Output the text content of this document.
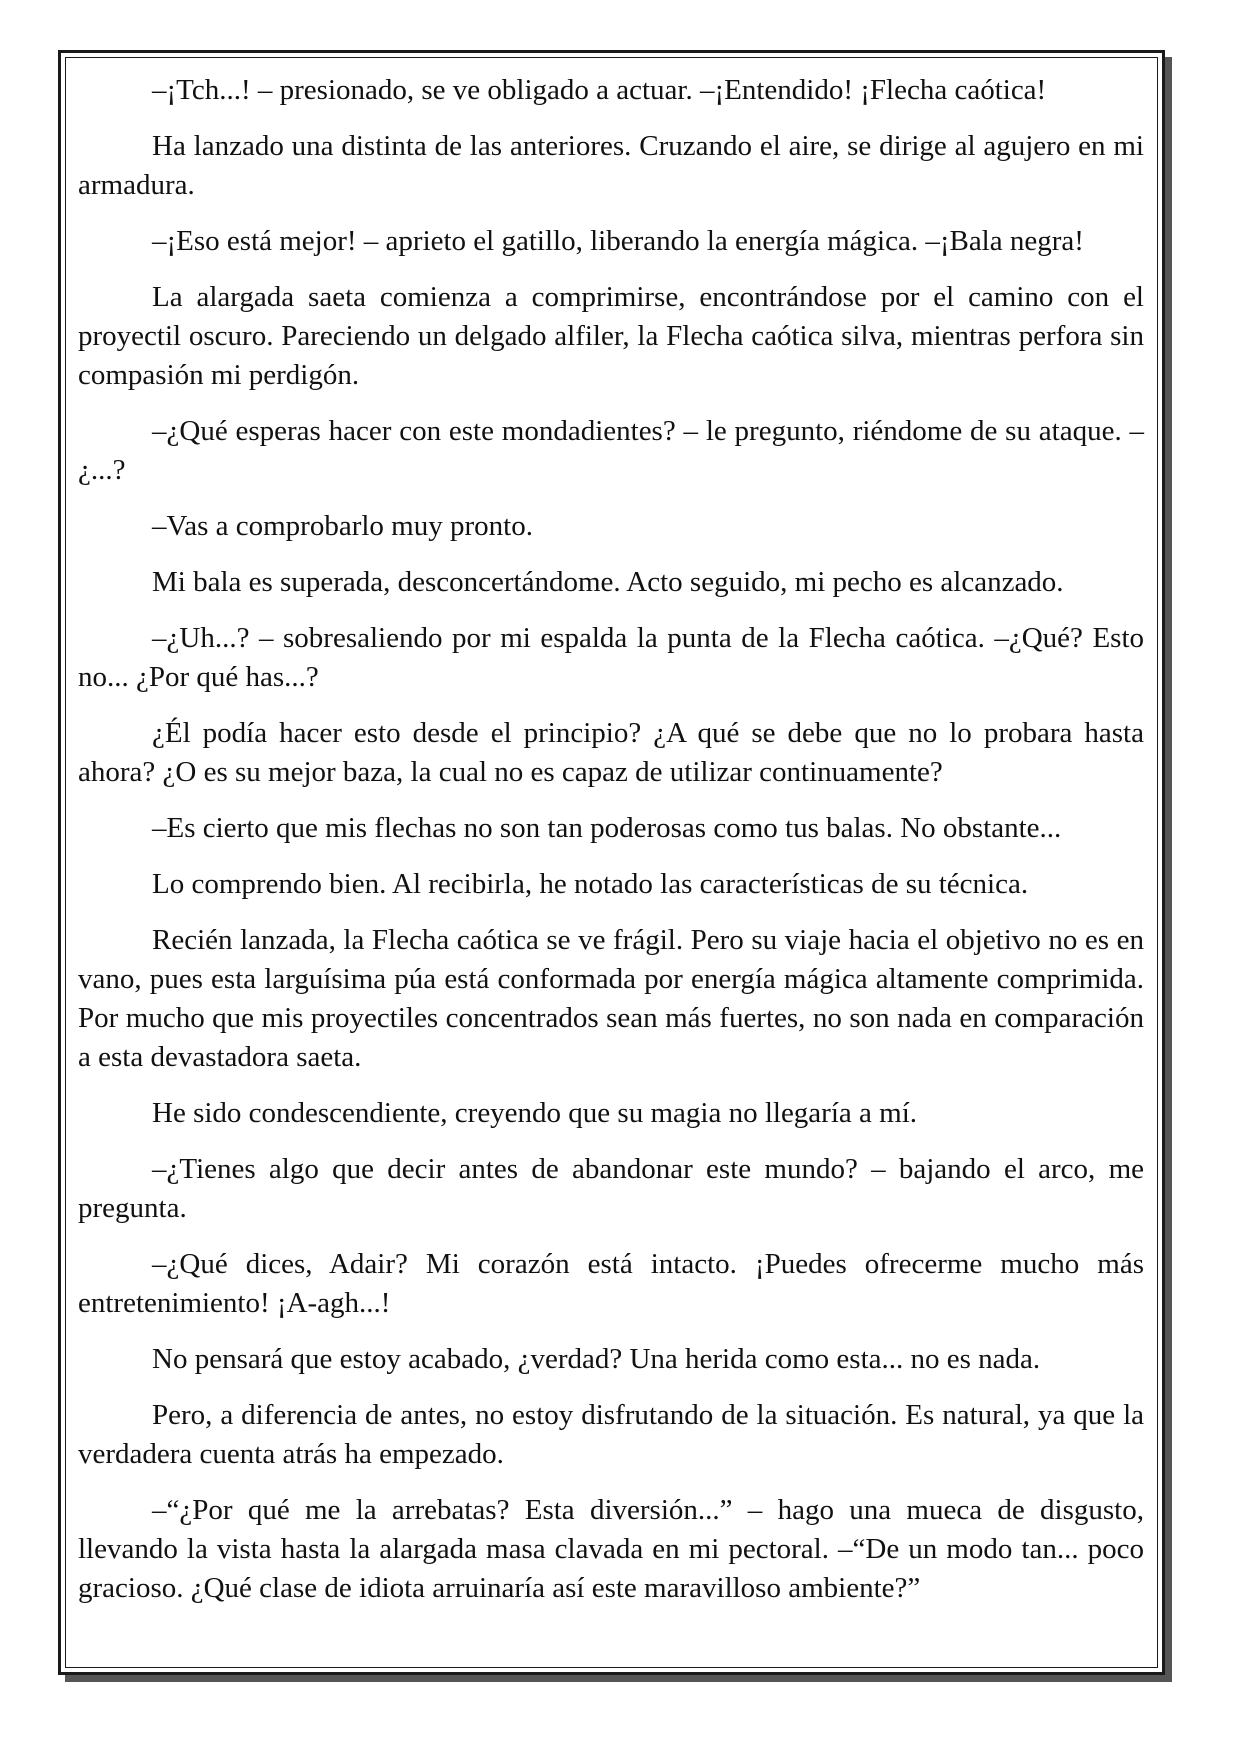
–¡Tch...! – presionado, se ve obligado a actuar. –¡Entendido! ¡Flecha caótica!

Ha lanzado una distinta de las anteriores. Cruzando el aire, se dirige al agujero en mi armadura.

–¡Eso está mejor! – aprieto el gatillo, liberando la energía mágica. –¡Bala negra!

La alargada saeta comienza a comprimirse, encontrándose por el camino con el proyectil oscuro. Pareciendo un delgado alfiler, la Flecha caótica silva, mientras perfora sin compasión mi perdigón.

–¿Qué esperas hacer con este mondadientes? – le pregunto, riéndome de su ataque. –¿...?

–Vas a comprobarlo muy pronto.

Mi bala es superada, desconcertándome. Acto seguido, mi pecho es alcanzado.

–¿Uh...? – sobresaliendo por mi espalda la punta de la Flecha caótica. –¿Qué? Esto no... ¿Por qué has...?

¿Él podía hacer esto desde el principio? ¿A qué se debe que no lo probara hasta ahora? ¿O es su mejor baza, la cual no es capaz de utilizar continuamente?

–Es cierto que mis flechas no son tan poderosas como tus balas. No obstante...

Lo comprendo bien. Al recibirla, he notado las características de su técnica.

Recién lanzada, la Flecha caótica se ve frágil. Pero su viaje hacia el objetivo no es en vano, pues esta larguísima púa está conformada por energía mágica altamente comprimida. Por mucho que mis proyectiles concentrados sean más fuertes, no son nada en comparación a esta devastadora saeta.

He sido condescendiente, creyendo que su magia no llegaría a mí.

–¿Tienes algo que decir antes de abandonar este mundo? – bajando el arco, me pregunta.

–¿Qué dices, Adair? Mi corazón está intacto. ¡Puedes ofrecerme mucho más entretenimiento! ¡A-agh...!

No pensará que estoy acabado, ¿verdad? Una herida como esta... no es nada.

Pero, a diferencia de antes, no estoy disfrutando de la situación. Es natural, ya que la verdadera cuenta atrás ha empezado.

–“¿Por qué me la arrebatas? Esta diversión...” – hago una mueca de disgusto, llevando la vista hasta la alargada masa clavada en mi pectoral. –“De un modo tan... poco gracioso. ¿Qué clase de idiota arruinaría así este maravilloso ambiente?”
